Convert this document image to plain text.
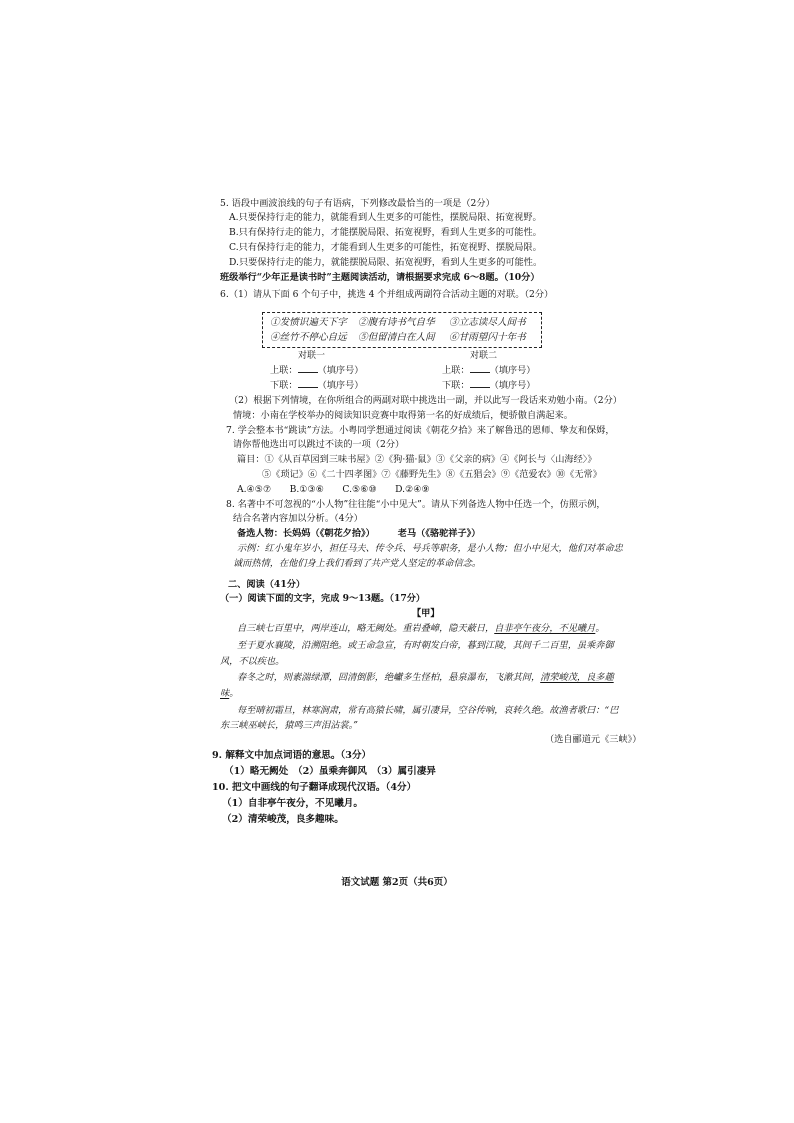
5. 语段中画波浪线的句子有语病，下列修改最恰当的一项是（2分）
A.只要保持行走的能力，就能看到人生更多的可能性，摆脱局限、拓宽视野。
B.只有保持行走的能力，才能摆脱局限、拓宽视野，看到人生更多的可能性。
C.只有保持行走的能力，才能看到人生更多的可能性，拓宽视野、摆脱局限。
D.只要保持行走的能力，就能摆脱局限、拓宽视野，看到人生更多的可能性。
班级举行“少年正是读书时”主题阅读活动，请根据要求完成 6～8题。（10分）
6.（1）请从下面 6 个句子中，挑选 4 个并组成两副符合活动主题的对联。（2分）
①发愤识遍天下字 ②腹有诗书气自华 ③立志读尽人间书
④丝竹不停心自远 ⑤但留清白在人间 ⑥甘雨望闪十年书
对联一	对联二
上联： （填序号）
下联： （填序号）
上联： （填序号）
下联： （填序号）
（2）根据下列情境，在你所组合的两副对联中挑选出一副，并以此写一段话来劝勉小南。（2分）
情境：小南在学校举办的阅读知识竞赛中取得第一名的好成绩后，便骄傲自满起来。
7. 学会整本书“跳读”方法。小粤同学想通过阅读《朝花夕拾》来了解鲁迅的恩师、挚友和保姆，
请你帮他选出可以跳过不读的一项（2分）
篇目：①《从百草园到三味书屋》②《狗·猫·鼠》③《父亲的病》④《阿长与〈山海经〉》
⑤《琐记》⑥《二十四孝图》⑦《藤野先生》⑧《五猖会》⑨《范爱农》⑩《无常》
A.④⑤⑦　　B.①③⑥　　C.⑤⑥⑩　　D.②④⑨
8. 名著中不可忽视的“小人物”往往能“小中见大”。请从下列备选人物中任选一个，仿照示例，
结合名著内容加以分析。（4分）
备选人物：长妈妈（《朝花夕拾》）　　　老马（《骆驼祥子》）
示例：红小鬼年岁小，担任马夫、传令兵、号兵等职务，是小人物；但小中见大，他们对革命忠
诚而热情，在他们身上我们看到了共产党人坚定的革命信念。
二、阅读（41分）
（一）阅读下面的文字，完成 9～13题。（17分）
【甲】
自三峡七百里中，两岸连山，略无阙处。重岩叠嶂，隐天蔽日，自非亭午夜分，不见曦月。
至于夏水襄陵，沿溯阻绝。或王命急宣，有时朝发白帝，暮到江陵，其间千二百里，虽乘奔御
风，不以疾也。
春冬之时，则素湍绿潭，回清倒影，绝巘多生怪柏，悬泉瀑布，飞漱其间，清荣峻茂，良多趣
味。
每至晴初霜旦，林寒涧肃，常有高猿长啸，属引凄异，空谷传响，哀转久绝。故渔者歌曰：“巴
东三峡巫峡长，猿鸣三声泪沾裳。”
（选自郦道元《三峡》）
9. 解释文中加点词语的意思。（3分）
（1）略无阙处　（2）虽乘奔御风　（3）属引凄异
10. 把文中画线的句子翻译成现代汉语。（4分）
（1）自非亭午夜分，不见曦月。
（2）清荣峻茂，良多趣味。
语文试题 第2页（共6页）
